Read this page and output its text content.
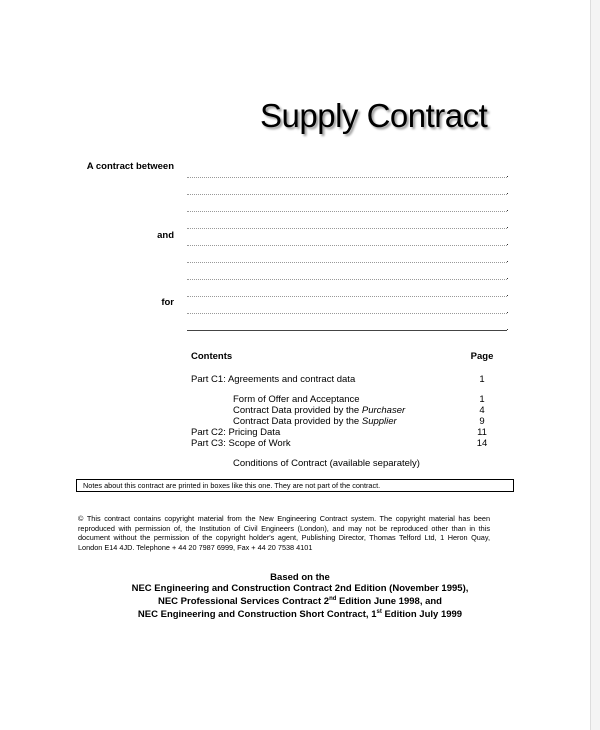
Supply Contract
A contract between
and
for
Contents	Page
Part C1: Agreements and contract data	1
Form of Offer and Acceptance	1
Contract Data provided by the Purchaser	4
Contract Data provided by the Supplier	9
Part C2: Pricing Data	11
Part C3: Scope of Work	14
Conditions of Contract (available separately)
Notes about this contract are printed in boxes like this one. They are not part of the contract.
© This contract contains copyright material from the New Engineering Contract system. The copyright material has been reproduced with permission of, the Institution of Civil Engineers (London), and may not be reproduced other than in this document without the permission of the copyright holder's agent, Publishing Director, Thomas Telford Ltd, 1 Heron Quay, London E14 4JD. Telephone + 44 20 7987 6999, Fax + 44 20 7538 4101
Based on the
NEC Engineering and Construction Contract 2nd Edition (November 1995),
NEC Professional Services Contract 2nd Edition June 1998, and
NEC Engineering and Construction Short Contract, 1st Edition July 1999
